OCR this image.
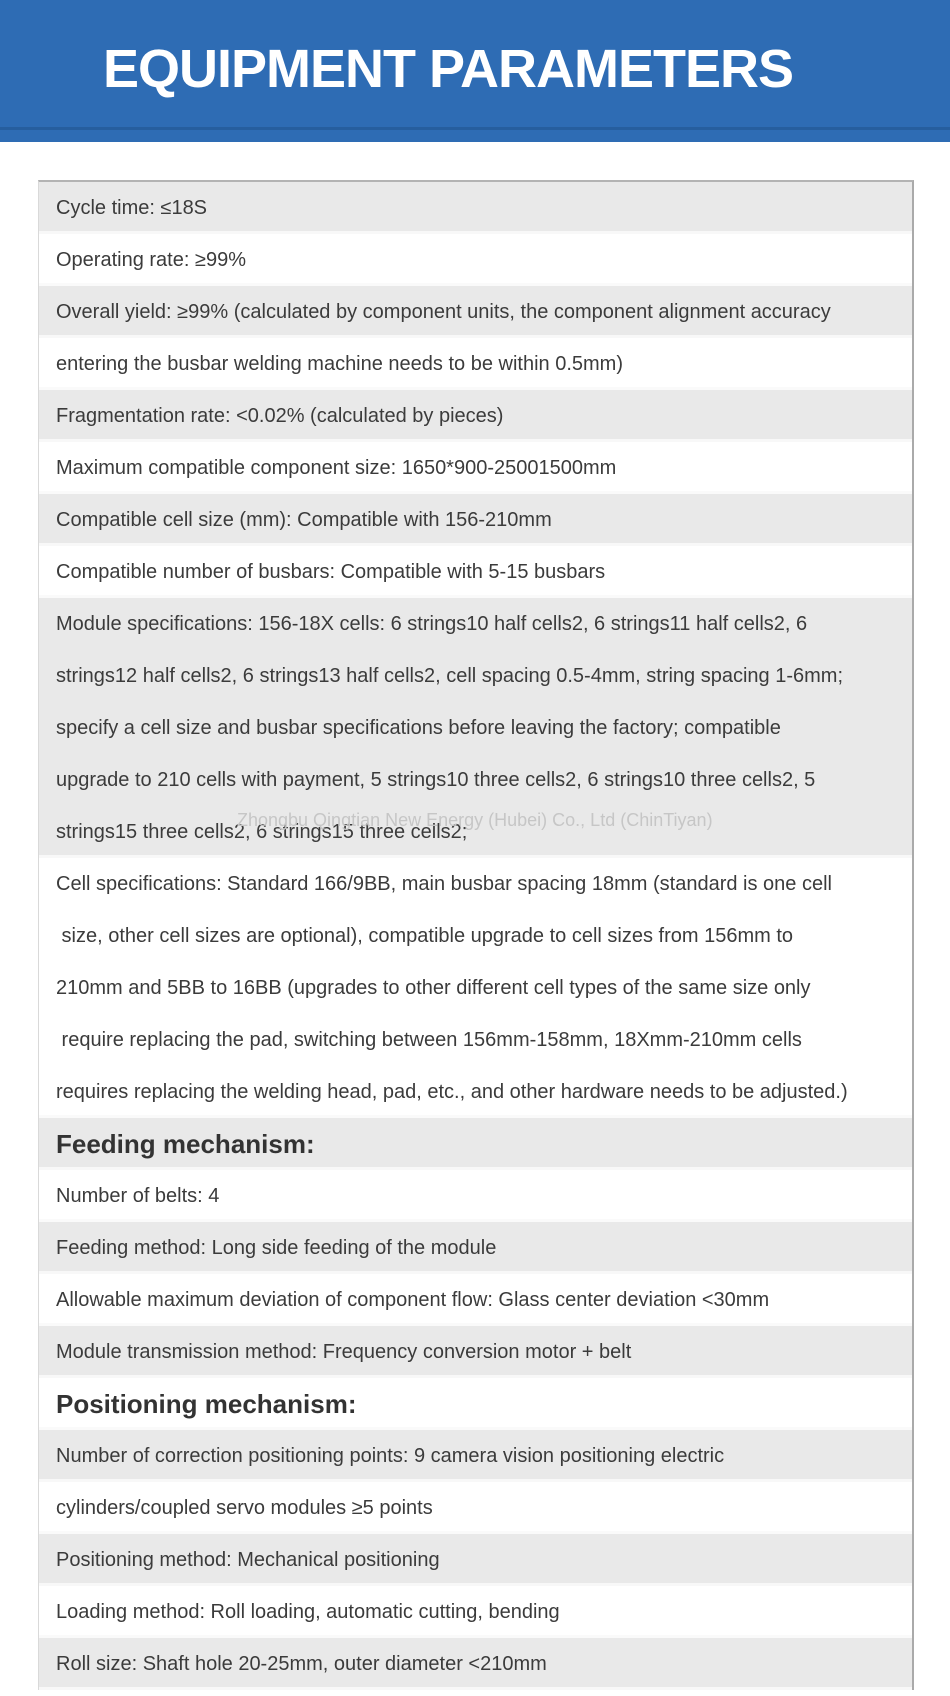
EQUIPMENT PARAMETERS
Cycle time: ≤18S
Operating rate: ≥99%
Overall yield: ≥99% (calculated by component units, the component alignment accuracy
entering the busbar welding machine needs to be within 0.5mm)
Fragmentation rate: <0.02% (calculated by pieces)
Maximum compatible component size: 1650*900-25001500mm
Compatible cell size (mm): Compatible with 156-210mm
Compatible number of busbars: Compatible with 5-15 busbars
Module specifications: 156-18X cells: 6 strings10 half cells2, 6 strings11 half cells2, 6
strings12 half cells2, 6 strings13 half cells2, cell spacing 0.5-4mm, string spacing 1-6mm;
specify a cell size and busbar specifications before leaving the factory; compatible
upgrade to 210 cells with payment, 5 strings10 three cells2, 6 strings10 three cells2, 5
strings15 three cells2, 6 strings15 three cells2;
Cell specifications: Standard 166/9BB, main busbar spacing 18mm (standard is one cell
size, other cell sizes are optional), compatible upgrade to cell sizes from 156mm to
210mm and 5BB to 16BB (upgrades to other different cell types of the same size only
require replacing the pad, switching between 156mm-158mm, 18Xmm-210mm cells
requires replacing the welding head, pad, etc., and other hardware needs to be adjusted.)
Feeding mechanism:
Number of belts: 4
Feeding method: Long side feeding of the module
Allowable maximum deviation of component flow: Glass center deviation <30mm
Module transmission method: Frequency conversion motor + belt
Positioning mechanism:
Number of correction positioning points: 9 camera vision positioning electric
cylinders/coupled servo modules ≥5 points
Positioning method: Mechanical positioning
Loading method: Roll loading, automatic cutting, bending
Roll size: Shaft hole 20-25mm, outer diameter <210mm
Zhongbu Qingtian New Energy (Hubei) Co., Ltd (ChinTiyan)
